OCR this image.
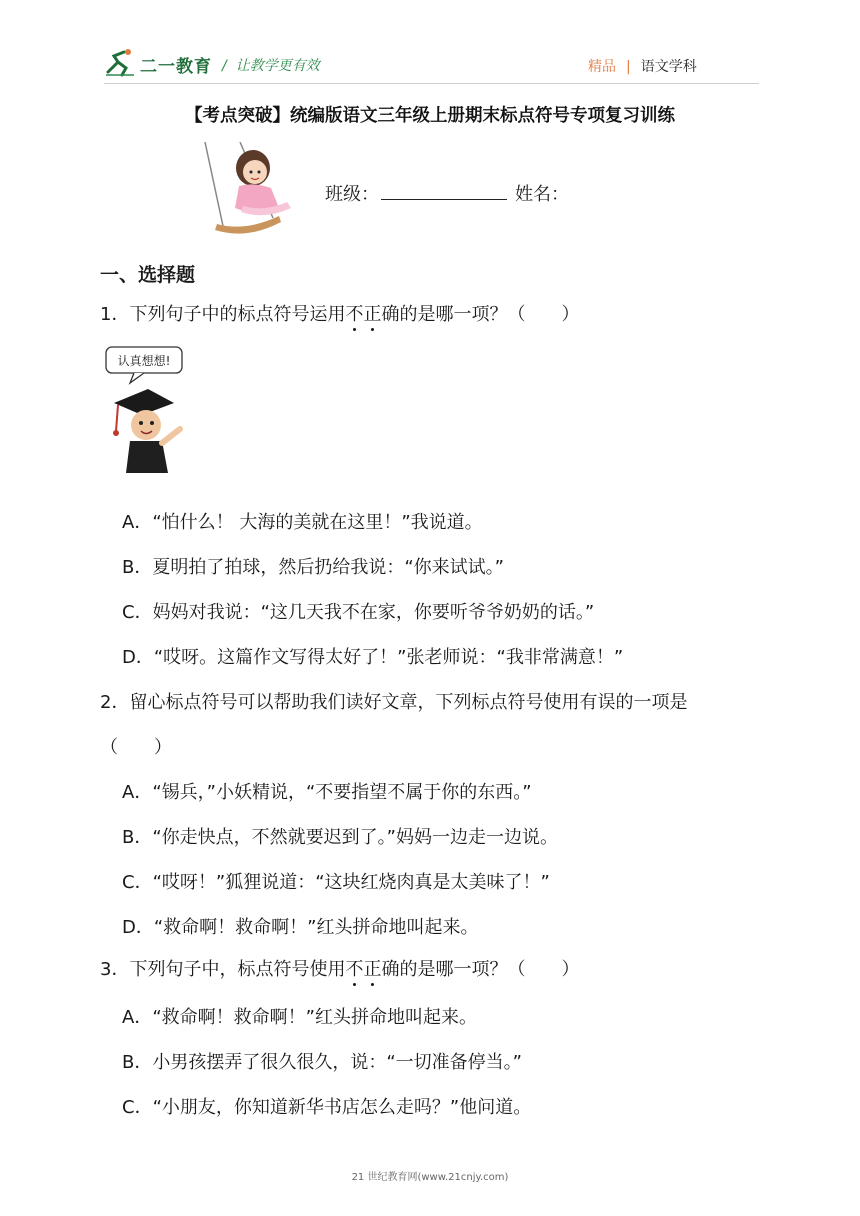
二一教育 / 让教学更有效	精品 | 语文学科
【考点突破】统编版语文三年级上册期末标点符号专项复习训练
班级：	姓名：
一、选择题
1．下列句子中的标点符号运用不正确的是哪一项？（　　）
认真想想!
A．“怕什么！ 大海的美就在这里！”我说道。
B．夏明拍了拍球，然后扔给我说：“你来试试。”
C．妈妈对我说：“这几天我不在家，你要听爷爷奶奶的话。”
D．“哎呀。这篇作文写得太好了！”张老师说：“我非常满意！”
2．留心标点符号可以帮助我们读好文章，下列标点符号使用有误的一项是
（　　）
A．“锡兵，”小妖精说，“不要指望不属于你的东西。”
B．“你走快点，不然就要迟到了。”妈妈一边走一边说。
C．“哎呀！”狐狸说道：“这块红烧肉真是太美味了！”
D．“救命啊！救命啊！”红头拼命地叫起来。
3．下列句子中，标点符号使用不正确的是哪一项？（　　）
A．“救命啊！救命啊！”红头拼命地叫起来。
B．小男孩摆弄了很久很久，说：“一切准备停当。”
C．“小朋友，你知道新华书店怎么走吗？”他问道。
21 世纪教育网(www.21cnjy.com)
